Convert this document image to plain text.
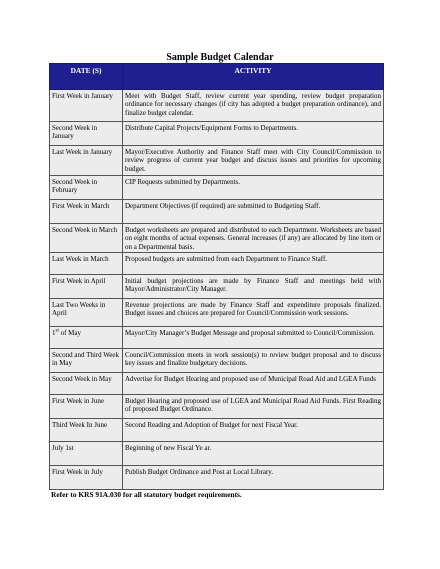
Sample Budget Calendar
DATE (S)	ACTIVITY
First Week in January	Meet with Budget Staff, review current year spending, review budget preparation ordinance for necessary changes (if city has adopted a budget preparation ordinance), and finalize budget calendar.
Second Week in January	Distribute Capital Projects/Equipment Forms to Departments.
Last Week in January	Mayor/Executive Authority and Finance Staff meet with City Council/Commission to review progress of current year budget and discuss issues and priorities for upcoming budget.
Second Week in February	CIP Requests submitted by Departments.
First Week in March	Department Objectives (if required) are submitted to Budgeting Staff.
Second Week in March	Budget worksheets are prepared and distributed to each Department. Worksheets are based on eight months of actual expenses. General increases (if any) are allocated by line item or on a Departmental basis.
Last Week in March	Proposed budgets are submitted from each Department to Finance Staff.
First Week in April	Initial budget projections are made by Finance Staff and meetings held with Mayor/Administrator/City Manager.
Last Two Weeks in April	Revenue projections are made by Finance Staff and expenditure proposals finalized. Budget issues and choices are prepared for Council/Commission work sessions.
1st of May	Mayor/City Manager’s Budget Message and proposal submitted to Council/Commission.
Second and Third Week in May	Council/Commission meets in work session(s) to review budget proposal and to discuss key issues and finalize budgetary decisions.
Second Week in May	Advertise for Budget Hearing and proposed use of Municipal Road Aid and LGEA Funds
First Week in June	Budget Hearing and proposed use of LGEA and Municipal Road Aid Funds. First Reading of proposed Budget Ordinance.
Third Week In June	Second Reading and Adoption of Budget for next Fiscal Year.
July 1st	Beginning of new Fiscal Ye ar.
First Week in July	Publish Budget Ordinance and Post at Local Library.
Refer to KRS 91A.030 for all statutory budget requirements.
